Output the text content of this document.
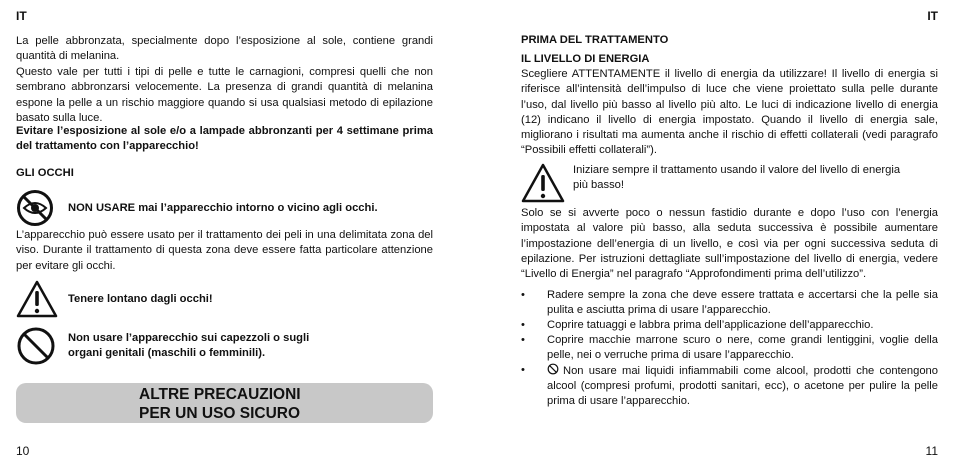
IT

La pelle abbronzata, specialmente dopo l’esposizione al sole, contiene grandi quantità di melanina.

Questo vale per tutti i tipi di pelle e tutte le carnagioni, compresi quelli che non sembrano abbronzarsi velocemente. La presenza di grandi quantità di melanina espone la pelle a un rischio maggiore quando si usa qualsiasi metodo di epilazione basato sulla luce.

Evitare l’esposizione al sole e/o a lampade abbronzanti per 4 settimane prima del trattamento con l’apparecchio!

GLI OCCHI
NON USARE mai l’apparecchio intorno o vicino agli occhi.

L’apparecchio può essere usato per il trattamento dei peli in una delimitata zona del viso. Durante il trattamento di questa zona deve essere fatta particolare attenzione per evitare gli occhi.

Tenere lontano dagli occhi!
Non usare l’apparecchio sui capezzoli o sugli
organi genitali (maschili o femminili).
ALTRE PRECAUZIONI
PER UN USO SICURO
10
IT
PRIMA DEL TRATTAMENTO
IL LIVELLO DI ENERGIA

Scegliere ATTENTAMENTE il livello di energia da utilizzare! Il livello di energia si riferisce all’intensità dell’impulso di luce che viene proiettato sulla pelle durante l’uso, dal livello più basso al livello più alto. Le luci di indicazione livello di energia (12) indicano il livello di energia impostato. Quando il livello di energia sale, migliorano i risultati ma aumenta anche il rischio di effetti collaterali (vedi paragrafo “Possibili effetti collaterali”).

Iniziare sempre il trattamento usando il valore del livello di energia
più basso!

Solo se si avverte poco o nessun fastidio durante e dopo l’uso con l’energia impostata al valore più basso, alla seduta successiva è possibile aumentare l’impostazione dell’energia di un livello, e così via per ogni successiva seduta di epilazione. Per istruzioni dettagliate sull’impostazione del livello di energia, vedere “Livello di Energia” nel paragrafo “Approfondimenti prima dell’utilizzo”.

• Radere sempre la zona che deve essere trattata e accertarsi che la pelle sia pulita e asciutta prima di usare l’apparecchio.
• Coprire tatuaggi e labbra prima dell’applicazione dell’apparecchio.
• Coprire macchie marrone scuro o nere, come grandi lentiggini, voglie della pelle, nei o verruche prima di usare l’apparecchio.
•	Non usare mai liquidi infiammabili come alcool, prodotti che contengono alcool (compresi profumi, prodotti sanitari, ecc), o acetone per pulire la pelle prima di usare l’apparecchio.
11
